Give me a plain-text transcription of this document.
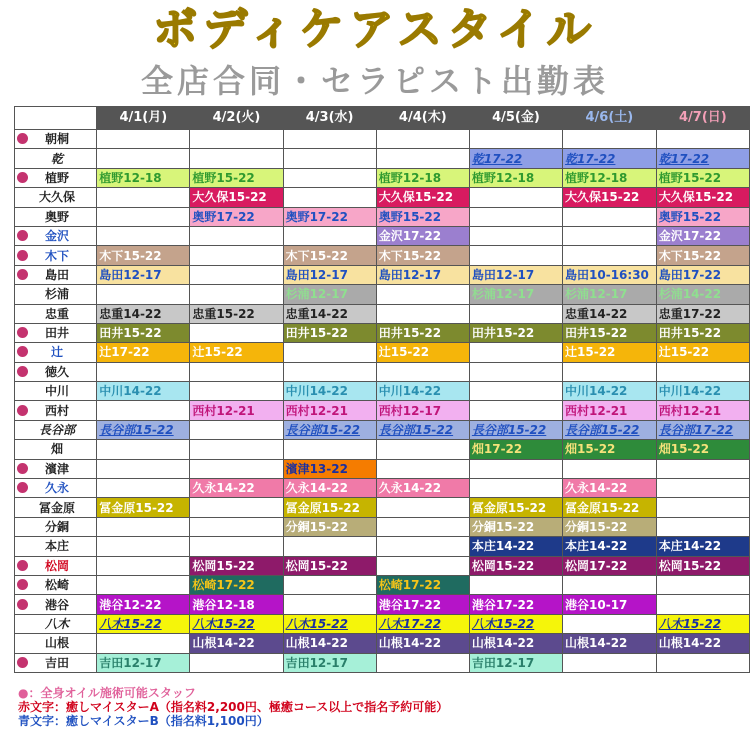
ボディケアスタイル
全店合同・セラピスト出勤表
	4/1(月)	4/2(火)	4/3(水)	4/4(木)	4/5(金)	4/6(土)	4/7(日)
朝桐							
乾					乾17-22	乾17-22	乾17-22
植野	植野12-18	植野15-22		植野12-18	植野12-18	植野12-18	植野15-22
大久保		大久保15-22		大久保15-22		大久保15-22	大久保15-22
奥野		奥野17-22	奥野17-22	奥野15-22			奥野15-22
金沢				金沢17-22			金沢17-22
木下	木下15-22		木下15-22	木下15-22			木下15-22
島田	島田12-17		島田12-17	島田12-17	島田12-17	島田10-16:30	島田17-22
杉浦			杉浦12-17		杉浦12-17	杉浦12-17	杉浦14-22
忠重	忠重14-22	忠重15-22	忠重14-22			忠重14-22	忠重17-22
田井	田井15-22		田井15-22	田井15-22	田井15-22	田井15-22	田井15-22
辻	辻17-22	辻15-22		辻15-22		辻15-22	辻15-22
徳久							
中川	中川14-22		中川14-22	中川14-22		中川14-22	中川14-22
西村		西村12-21	西村12-21	西村12-17		西村12-21	西村12-21
長谷部	長谷部15-22		長谷部15-22	長谷部15-22	長谷部15-22	長谷部15-22	長谷部17-22
畑					畑17-22	畑15-22	畑15-22
濱津			濱津13-22				
久永		久永14-22	久永14-22	久永14-22		久永14-22	
冨金原	冨金原15-22		冨金原15-22		冨金原15-22	冨金原15-22	
分銅			分銅15-22		分銅15-22	分銅15-22	
本庄					本庄14-22	本庄14-22	本庄14-22
松岡		松岡15-22	松岡15-22		松岡15-22	松岡17-22	松岡15-22
松崎		松崎17-22		松崎17-22			
港谷	港谷12-22	港谷12-18		港谷17-22	港谷17-22	港谷10-17	
八木	八木15-22	八木15-22	八木15-22	八木17-22	八木15-22		八木15-22
山根		山根14-22	山根14-22	山根14-22	山根14-22	山根14-22	山根14-22
吉田	吉田12-17		吉田12-17		吉田12-17		
●：全身オイル施術可能スタッフ
赤文字：癒しマイスターA（指名料2,200円、極癒コース以上で指名予約可能）
青文字：癒しマイスターB（指名料1,100円）
